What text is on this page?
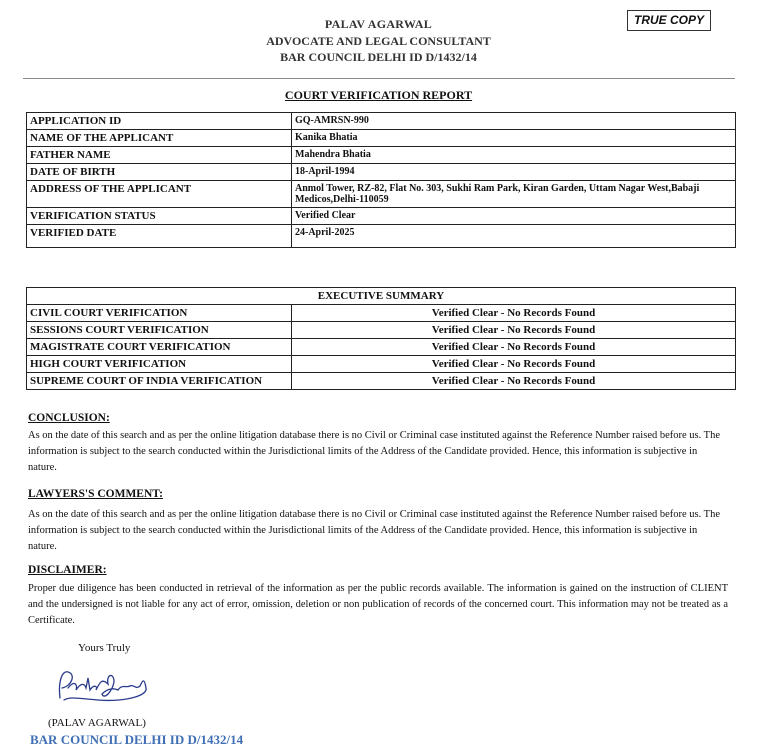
PALAV AGARWAL
ADVOCATE AND LEGAL CONSULTANT
BAR COUNCIL DELHI ID D/1432/14
TRUE COPY
COURT VERIFICATION REPORT
APPLICATION ID	GQ-AMRSN-990
NAME OF THE APPLICANT	Kanika Bhatia
FATHER NAME	Mahendra Bhatia
DATE OF BIRTH	18-April-1994
ADDRESS OF THE APPLICANT	Anmol Tower, RZ-82, Flat No. 303, Sukhi Ram Park, Kiran Garden, Uttam Nagar West,Babaji Medicos,Delhi-110059
VERIFICATION STATUS	Verified Clear
VERIFIED DATE	24-April-2025
EXECUTIVE SUMMARY	
CIVIL COURT VERIFICATION	Verified Clear - No Records Found
SESSIONS COURT VERIFICATION	Verified Clear - No Records Found
MAGISTRATE COURT VERIFICATION	Verified Clear - No Records Found
HIGH COURT VERIFICATION	Verified Clear - No Records Found
SUPREME COURT OF INDIA VERIFICATION	Verified Clear - No Records Found
CONCLUSION:
As on the date of this search and as per the online litigation database there is no Civil or Criminal case instituted against the Reference Number raised before us. The information is subject to the search conducted within the Jurisdictional limits of the Address of the Candidate provided. Hence, this information is subjective in nature.
LAWYERS'S COMMENT:
As on the date of this search and as per the online litigation database there is no Civil or Criminal case instituted against the Reference Number raised before us. The information is subject to the search conducted within the Jurisdictional limits of the Address of the Candidate provided. Hence, this information is subjective in nature.
DISCLAIMER:
Proper due diligence has been conducted in retrieval of the information as per the public records available. The information is gained on the instruction of CLIENT and the undersigned is not liable for any act of error, omission, deletion or non publication of records of the concerned court. This information may not be treated as a Certificate.
Yours Truly
(PALAV AGARWAL)
BAR COUNCIL DELHI ID D/1432/14
